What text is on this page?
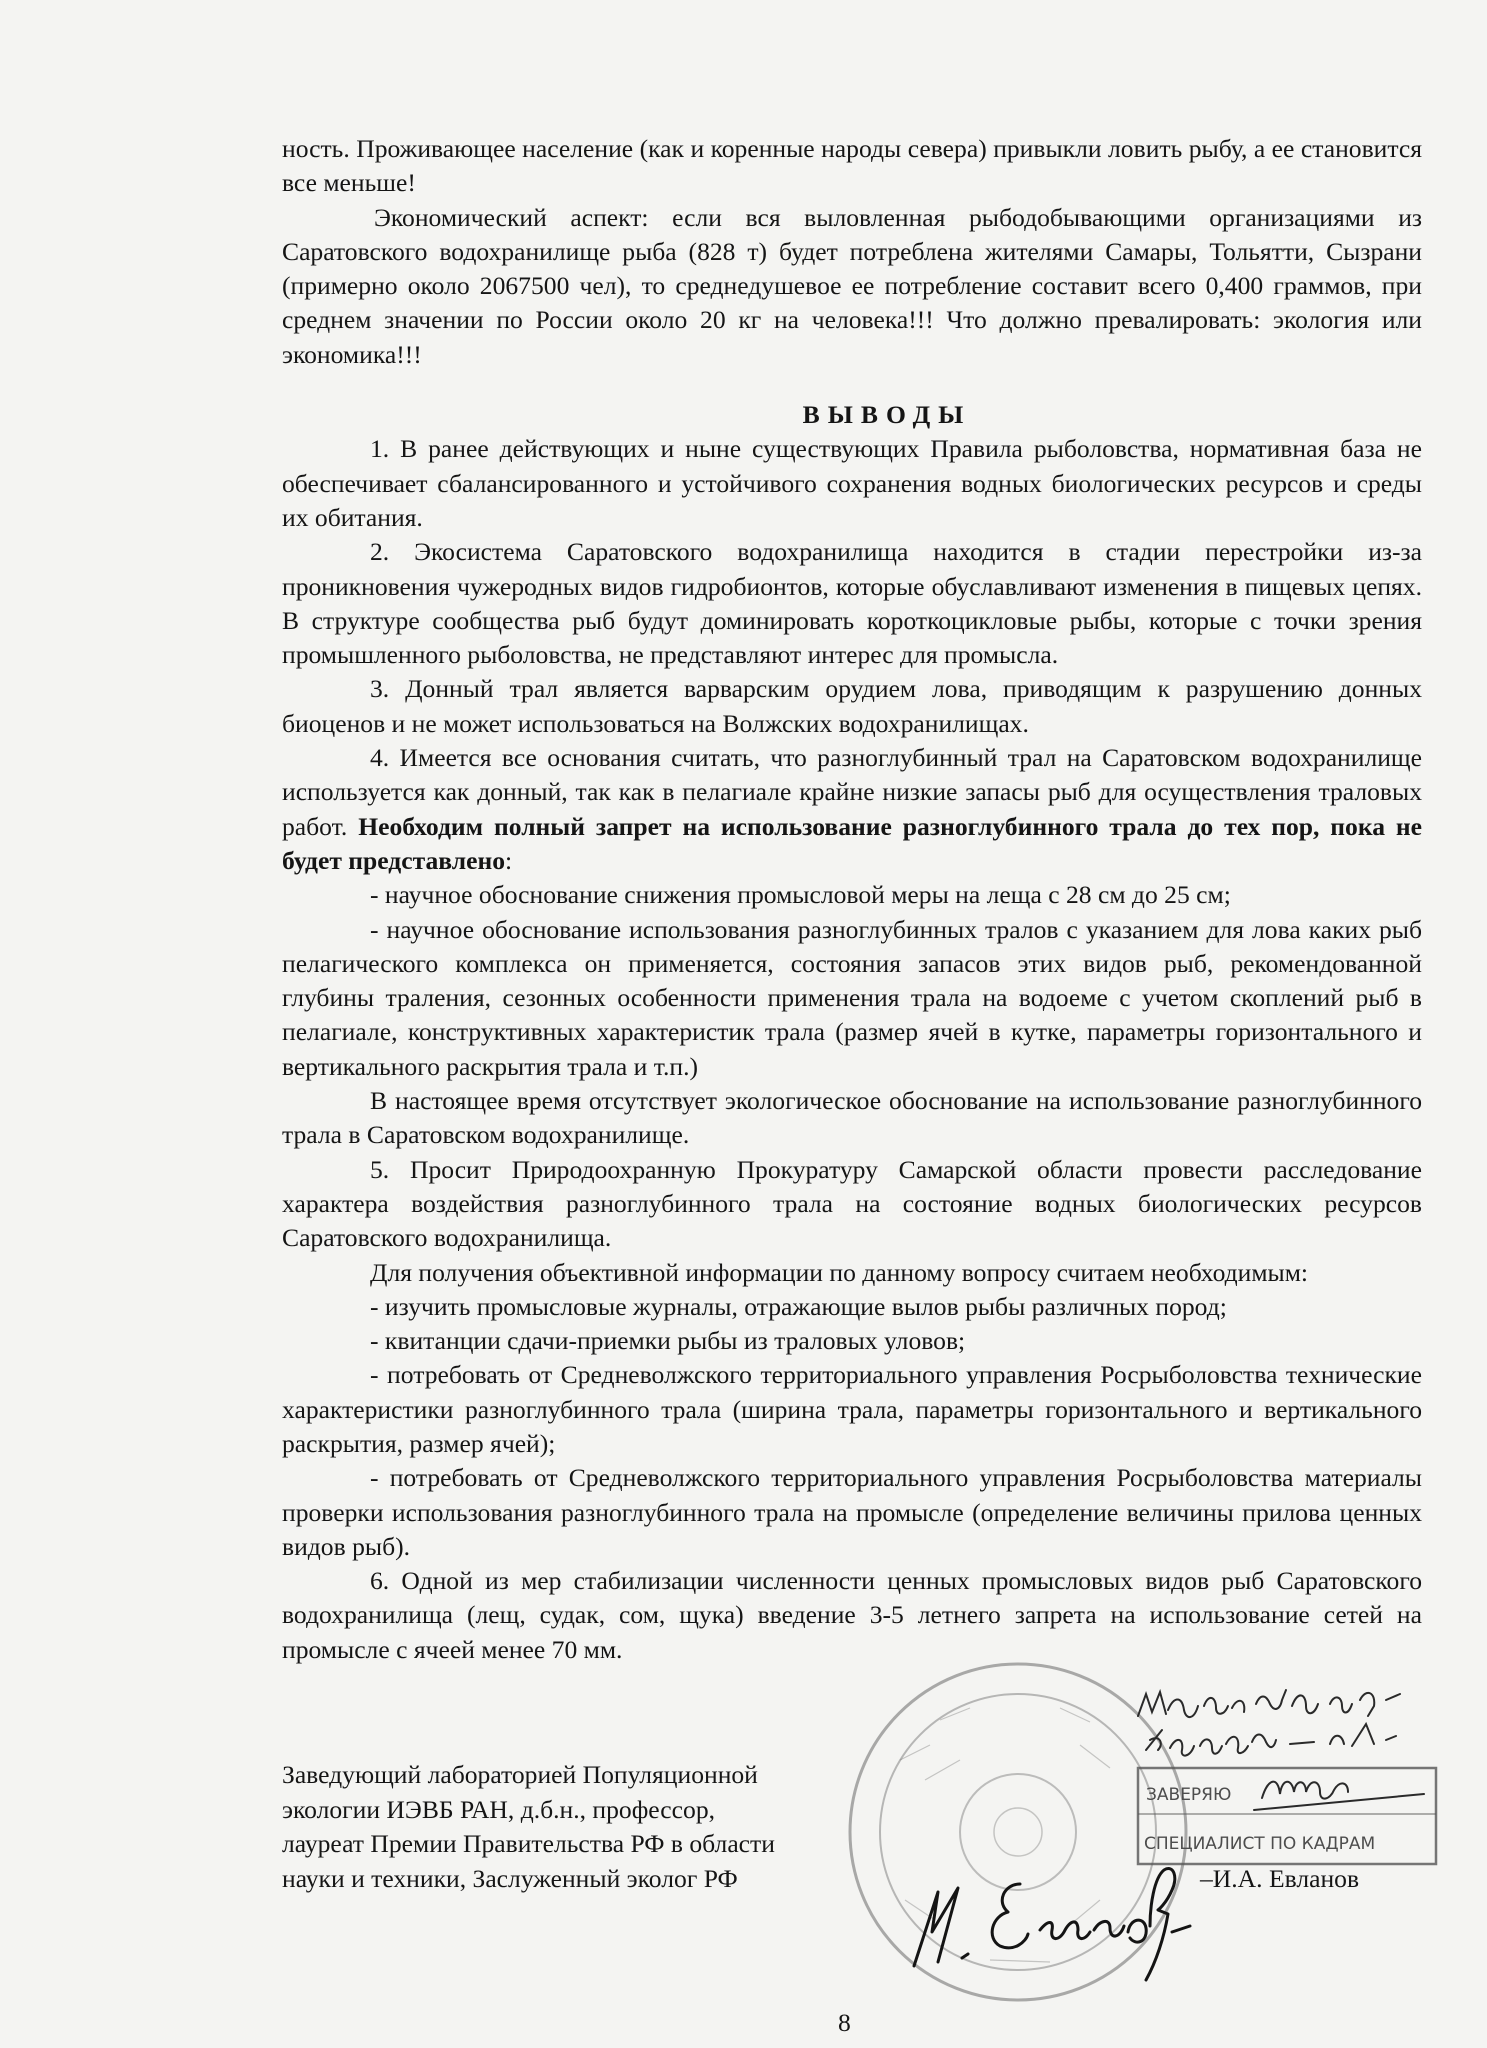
ность. Проживающее население (как и коренные народы севера) привыкли ловить рыбу, а ее становится все меньше!

Экономический аспект: если вся выловленная рыбодобывающими организациями из Саратовского водохранилище рыба (828 т) будет потреблена жителями Самары, Тольятти, Сызрани (примерно около 2067500 чел), то среднедушевое ее потребление составит всего 0,400 граммов, при среднем значении по России около 20 кг на человека!!! Что должно превалировать: экология или экономика!!!

ВЫВОДЫ

1. В ранее действующих и ныне существующих Правила рыболовства, нормативная база не обеспечивает сбалансированного и устойчивого сохранения водных биологических ресурсов и среды их обитания.

2. Экосистема Саратовского водохранилища находится в стадии перестройки из-за проникновения чужеродных видов гидробионтов, которые обуславливают изменения в пищевых цепях. В структуре сообщества рыб будут доминировать короткоцикловые рыбы, которые с точки зрения промышленного рыболовства, не представляют интерес для промысла.

3. Донный трал является варварским орудием лова, приводящим к разрушению донных биоценов и не может использоваться на Волжских водохранилищах.

4. Имеется все основания считать, что разноглубинный трал на Саратовском водохранилище используется как донный, так как в пелагиале крайне низкие запасы рыб для осуществления траловых работ. Необходим полный запрет на использование разноглубинного трала до тех пор, пока не будет представлено:

- научное обоснование снижения промысловой меры на леща с 28 см до 25 см;

- научное обоснование использования разноглубинных тралов с указанием для лова каких рыб пелагического комплекса он применяется, состояния запасов этих видов рыб, рекомендованной глубины траления, сезонных особенности применения трала на водоеме с учетом скоплений рыб в пелагиале, конструктивных характеристик трала (размер ячей в кутке, параметры горизонтального и вертикального раскрытия трала и т.п.)

В настоящее время отсутствует экологическое обоснование на использование разноглубинного трала в Саратовском водохранилище.

5. Просит Природоохранную Прокуратуру Самарской области провести расследование характера воздействия разноглубинного трала на состояние водных биологических ресурсов Саратовского водохранилища.

Для получения объективной информации по данному вопросу считаем необходимым:

- изучить промысловые журналы, отражающие вылов рыбы различных пород;

- квитанции сдачи-приемки рыбы из траловых уловов;

- потребовать от Средневолжского территориального управления Росрыболовства технические характеристики разноглубинного трала (ширина трала, параметры горизонтального и вертикального раскрытия, размер ячей);

- потребовать от Средневолжского территориального управления Росрыболовства материалы проверки использования разноглубинного трала на промысле (определение величины прилова ценных видов рыб).

6. Одной из мер стабилизации численности ценных промысловых видов рыб Саратовского водохранилища (лещ, судак, сом, щука) введение 3-5 летнего запрета на использование сетей на промысле с ячеей менее 70 мм.

Заведующий лабораторией Популяционной
экологии ИЭВБ РАН, д.б.н., профессор,
лауреат Премии Правительства РФ в области
науки и техники, Заслуженный эколог РФ	–И.А. Евланов
8
ЗАВЕРЯЮ
СПЕЦИАЛИСТ ПО КАДРАМ
